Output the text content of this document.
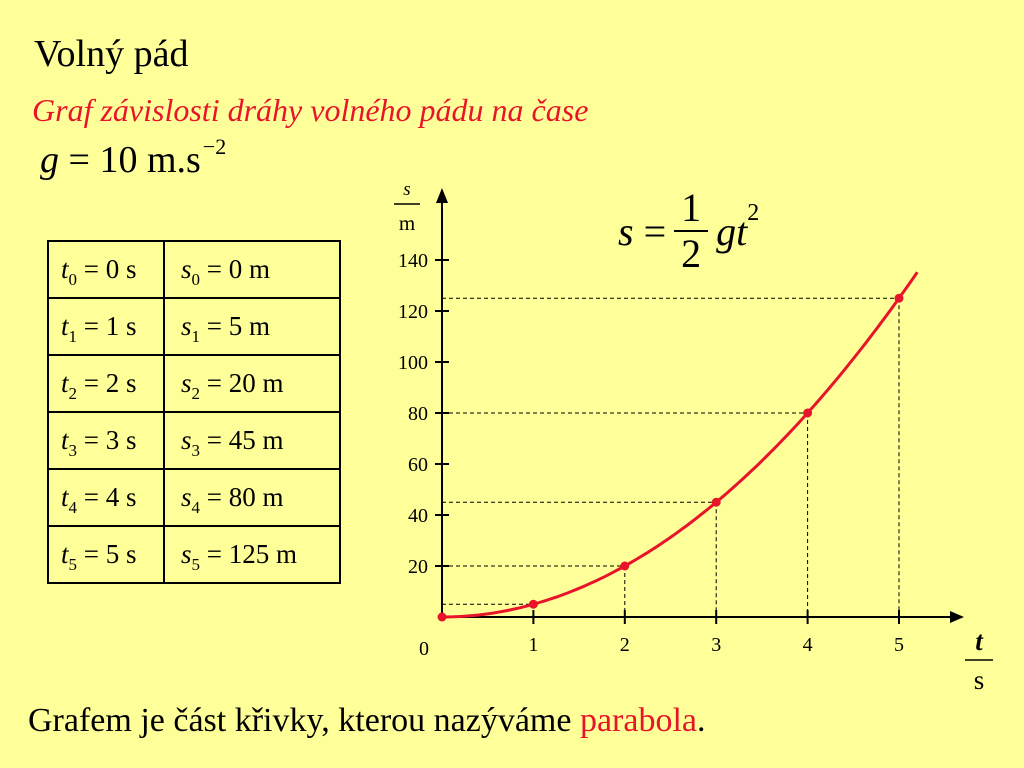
Volný pád
Graf závislosti dráhy volného pádu na čase
g = 10 $m.s^{-2}$
$t_0 = 0$ s	$s_0 = 0$ m
$t_1 = 1$ s	$s_1 = 5$ m
$t_2 = 2$ s	$s_2 = 20$ m
$t_3 = 3$ s	$s_3 = 45$ m
$t_4 = 4$ s	$s_4 = 80$ m
$t_5 = 5$ s	$s_5 = 125$ m
$s = \frac{1}{2}$ gt 2
1	2	3	4	5
20
40
60
80
100
120
140
0
s
m
t
s
Grafem je část křivky, kterou nazýváme parabola.
